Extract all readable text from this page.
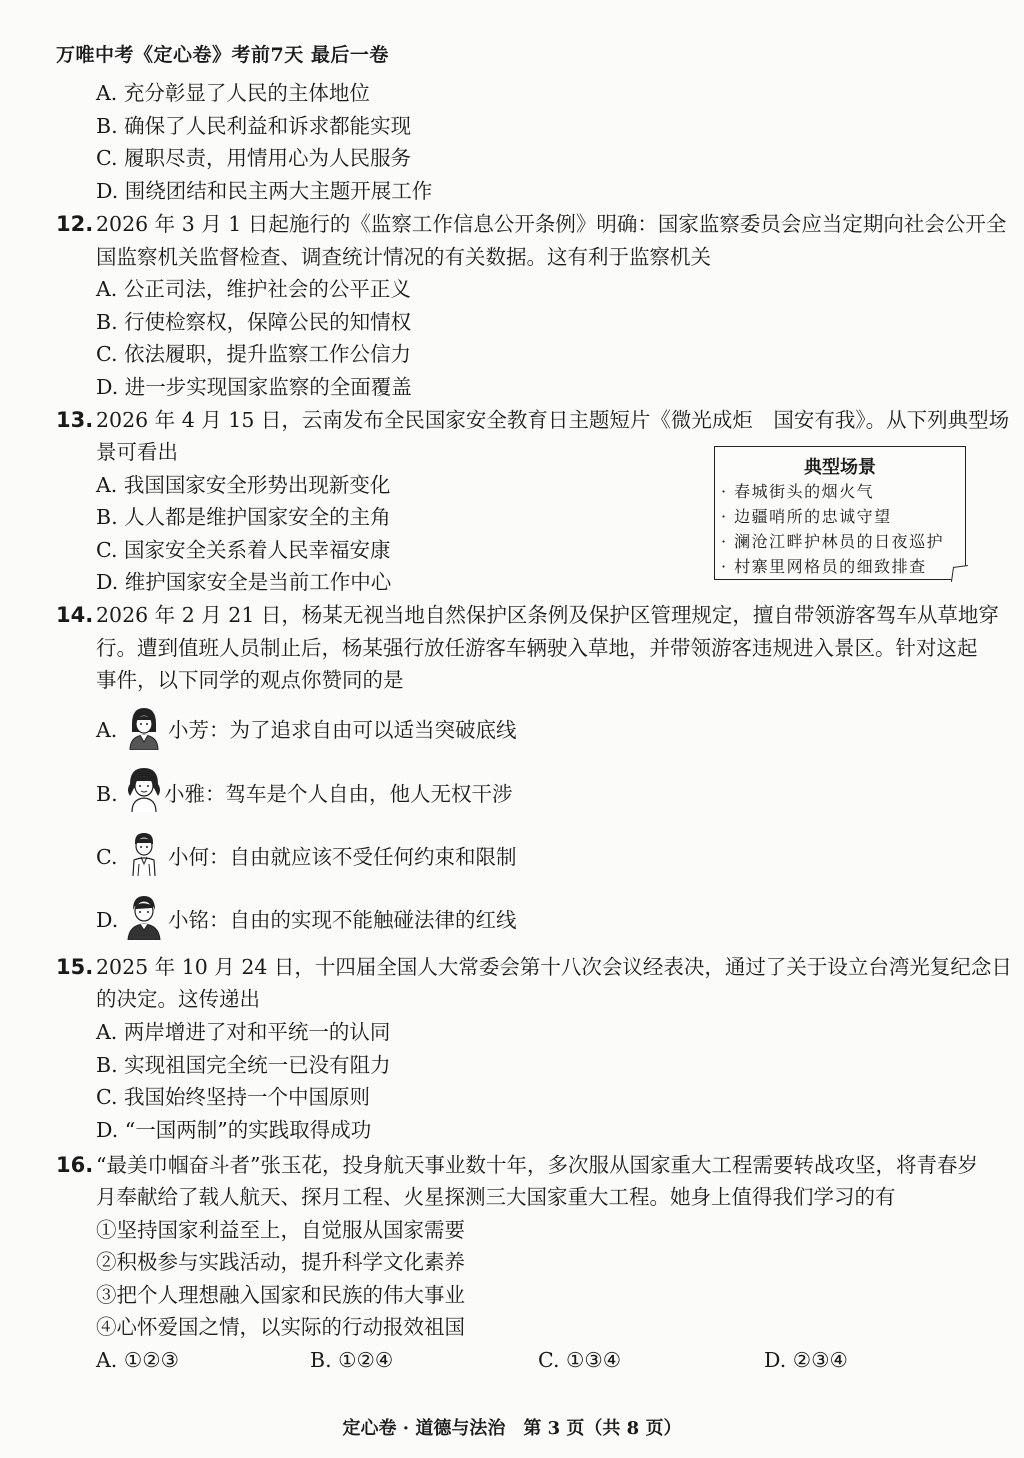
万唯中考《定心卷》考前7天 最后一卷
A. 充分彰显了人民的主体地位
B. 确保了人民利益和诉求都能实现
C. 履职尽责，用情用心为人民服务
D. 围绕团结和民主两大主题开展工作
12. 2026 年 3 月 1 日起施行的《监察工作信息公开条例》明确：国家监察委员会应当定期向社会公开全
国监察机关监督检查、调查统计情况的有关数据。这有利于监察机关
A. 公正司法，维护社会的公平正义
B. 行使检察权，保障公民的知情权
C. 依法履职，提升监察工作公信力
D. 进一步实现国家监察的全面覆盖
13. 2026 年 4 月 15 日，云南发布全民国家安全教育日主题短片《微光成炬　国安有我》。从下列典型场
景可看出
A. 我国国家安全形势出现新变化
B. 人人都是维护国家安全的主角
C. 国家安全关系着人民幸福安康
D. 维护国家安全是当前工作中心
典型场景
· 春城街头的烟火气
· 边疆哨所的忠诚守望
· 澜沧江畔护林员的日夜巡护
· 村寨里网格员的细致排查
14. 2026 年 2 月 21 日，杨某无视当地自然保护区条例及保护区管理规定，擅自带领游客驾车从草地穿
行。遭到值班人员制止后，杨某强行放任游客车辆驶入草地，并带领游客违规进入景区。针对这起
事件，以下同学的观点你赞同的是
A. 小芳：为了追求自由可以适当突破底线
B. 小雅：驾车是个人自由，他人无权干涉
C. 小何：自由就应该不受任何约束和限制
D. 小铭：自由的实现不能触碰法律的红线
15. 2025 年 10 月 24 日，十四届全国人大常委会第十八次会议经表决，通过了关于设立台湾光复纪念日
的决定。这传递出
A. 两岸增进了对和平统一的认同
B. 实现祖国完全统一已没有阻力
C. 我国始终坚持一个中国原则
D. “一国两制”的实践取得成功
16. “最美巾帼奋斗者”张玉花，投身航天事业数十年，多次服从国家重大工程需要转战攻坚，将青春岁
月奉献给了载人航天、探月工程、火星探测三大国家重大工程。她身上值得我们学习的有
①坚持国家利益至上，自觉服从国家需要
②积极参与实践活动，提升科学文化素养
③把个人理想融入国家和民族的伟大事业
④心怀爱国之情，以实际的行动报效祖国
A. ①②③	B. ①②④	C. ①③④	D. ②③④
定心卷 · 道德与法治　第 3 页（共 8 页）
